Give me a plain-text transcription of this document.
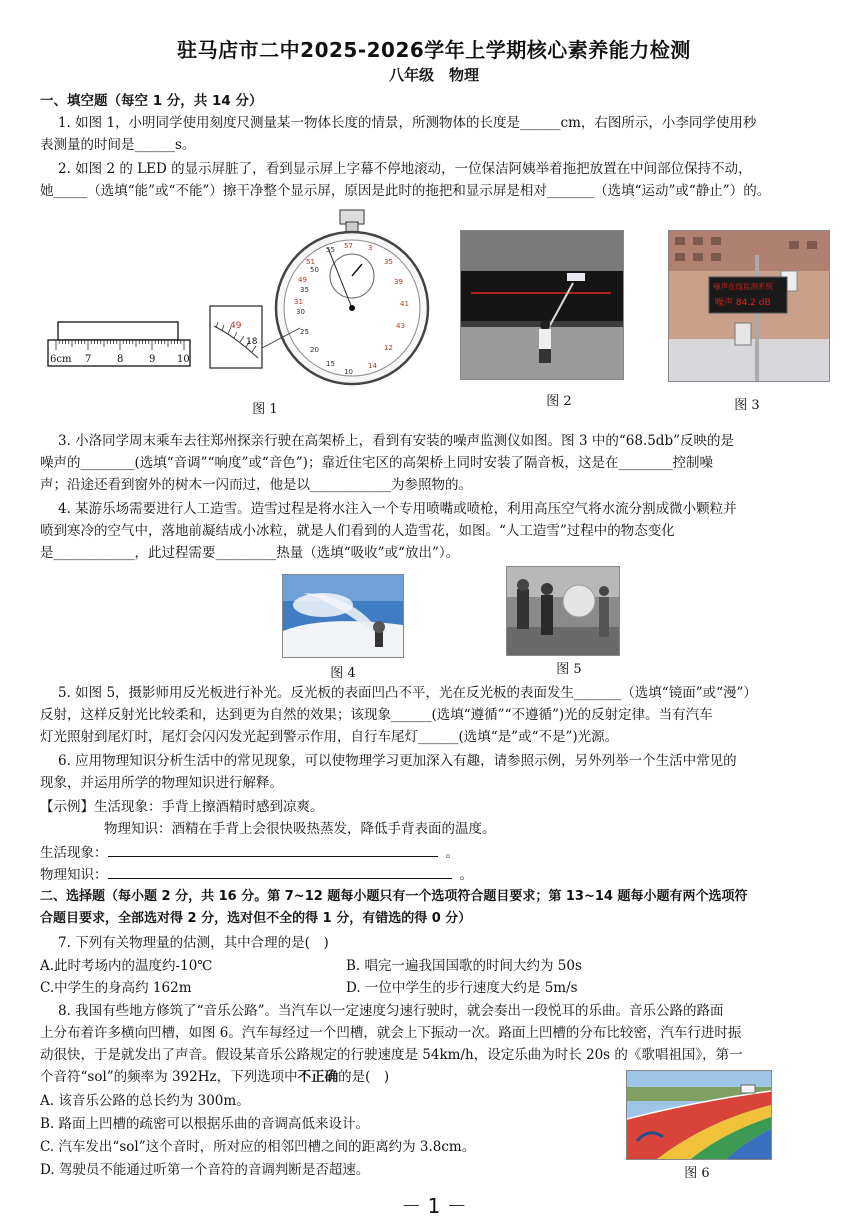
驻马店市二中2025-2026学年上学期核心素养能力检测
八年级　物理
一、填空题（每空 1 分，共 14 分）
1. 如图 1，小明同学使用刻度尺测量某一物体长度的情景，所测物体的长度是______cm，右图所示，小李同学使用秒
表测量的时间是______s。
2. 如图 2 的 LED 的显示屏脏了，看到显示屏上字幕不停地滚动，一位保洁阿姨举着拖把放置在中间部位保持不动，
她_____（选填“能”或“不能”）擦干净整个显示屏，原因是此时的拖把和显示屏是相对_______（选填“运动”或“静止”）的。
6cm 7	8	9 10
57 3
35
39
41
43
12
14
51
49
31
55
50
35
30
25
20
15
10
49
18
图 1
图 2
噪声在线监测系统
噪声 84.2 dB
图 3
3. 小洛同学周末乘车去往郑州探亲行驶在高架桥上，看到有安装的噪声监测仪如图。图 3 中的“68.5db”反映的是
噪声的________(选填“音调”“响度”或“音色”)；靠近住宅区的高架桥上同时安装了隔音板，这是在________控制噪
声；沿途还看到窗外的树木一闪而过，他是以____________为参照物的。
4. 某游乐场需要进行人工造雪。造雪过程是将水注入一个专用喷嘴或喷枪，利用高压空气将水流分割成微小颗粒并
喷到寒冷的空气中，落地前凝结成小冰粒，就是人们看到的人造雪花，如图。“人工造雪”过程中的物态变化
是____________，此过程需要_________热量（选填“吸收”或“放出”）。
图 4	图 5
5. 如图 5，摄影师用反光板进行补光。反光板的表面凹凸不平，光在反光板的表面发生_______（选填“镜面”或“漫”）
反射，这样反射光比较柔和，达到更为自然的效果；该现象______(选填“遵循”“不遵循”)光的反射定律。当有汽车
灯光照射到尾灯时，尾灯会闪闪发光起到警示作用，自行车尾灯______(选填“是”或“不是”)光源。
6. 应用物理知识分析生活中的常见现象，可以使物理学习更加深入有趣，请参照示例，另外列举一个生活中常见的
现象，并运用所学的物理知识进行解释。
【示例】生活现象：手背上擦酒精时感到凉爽。
物理知识：酒精在手背上会很快吸热蒸发，降低手背表面的温度。
生活现象：	。
物理知识：	。
二、选择题（每小题 2 分，共 16 分。第 7~12 题每小题只有一个选项符合题目要求；第 13~14 题每小题有两个选项符
合题目要求，全部选对得 2 分，选对但不全的得 1 分，有错选的得 0 分）
7. 下列有关物理量的估测，其中合理的是(　)
A.此时考场内的温度约-10℃	B. 唱完一遍我国国歌的时间大约为 50s
C.中学生的身高约 162m	D. 一位中学生的步行速度大约是 5m/s
8. 我国有些地方修筑了“音乐公路”。当汽车以一定速度匀速行驶时，就会奏出一段悦耳的乐曲。音乐公路的路面
上分布着许多横向凹槽，如图 6。汽车每经过一个凹槽，就会上下振动一次。路面上凹槽的分布比较密，汽车行进时振
动很快，于是就发出了声音。假设某音乐公路规定的行驶速度是 54km/h，设定乐曲为时长 20s 的《歌唱祖国》，第一
个音符“sol”的频率为 392Hz，下列选项中不正确的是(　)
A. 该音乐公路的总长约为 300m。
B. 路面上凹槽的疏密可以根据乐曲的音调高低来设计。
C. 汽车发出“sol”这个音时，所对应的相邻凹槽之间的距离约为 3.8cm。
D. 驾驶员不能通过听第一个音符的音调判断是否超速。	图 6
－ 1 －
